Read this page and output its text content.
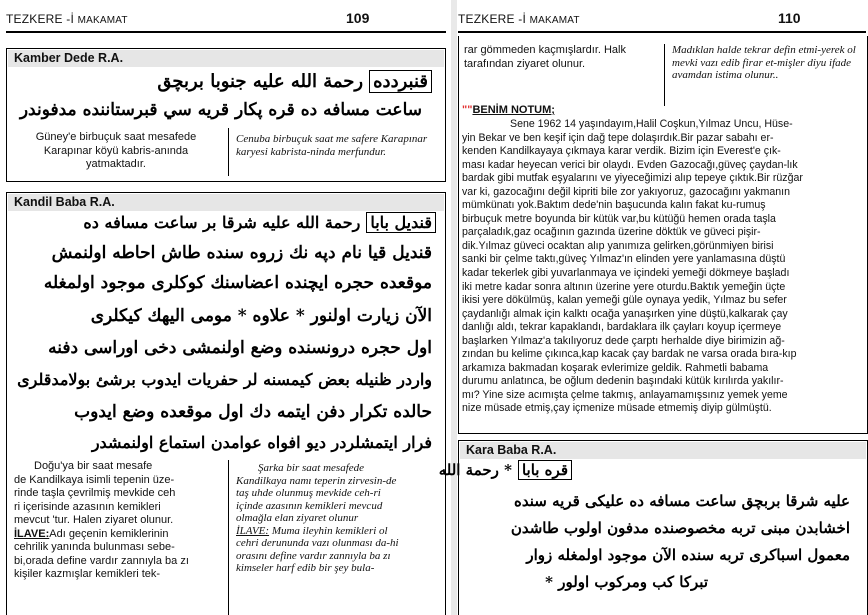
TEZKERE -İ MAKAMAT	109
Kamber Dede R.A.
قنبرددهرحمة الله عليه جنوبا بربچق
ساعت مسافه ده قره پكار قريه سي قبرستاننده مدفوندر
Güney'e birbuçuk saat mesafede Karapınar köyü kabris-anında yatmaktadır.
Cenuba birbuçuk saat me safere Karapınar karyesi kabrista-ninda merfundur.
Kandil Baba R.A.
قنديل بابارحمة الله عليه شرقا بر ساعت مسافه ده
قنديل قيا نام دپه نك زروه سنده طاش احاطه اولنمش
موقعده حجره ايچنده اعضاسنك كوكلرى موجود اولمغله
الآن زيارت اولنور * علاوه * مومى اليهك كيكلرى
اول حجره درونسنده وضع اولنمشى دخى اوراسى دفنه
واردر ظنيله بعض كيمسنه لر حفريات ايدوب برشئ بولامدقلرى
حالده تكرار دفن ايتمه دك اول موقعده وضع ايدوب
فرار ايتمشلردر ديو افواه عوامدن استماع اولنمشدر
Doğu'ya bir saat mesafe
de Kandilkaya isimli tepenin üze-
rinde taşla çevrilmiş mevkide ceh
ri içerisinde azasının kemikleri
mevcut 'tur. Halen ziyaret olunur.
İLAVE:Adı geçenin kemiklerinin
cehrilik yanında bulunması sebe-
bi,orada define vardır zannıyla ba zı
kişiler kazmışlar kemikleri tek-
Şarka bir saat mesafede
Kandilkaya namı teperin zirvesin-de
taş uhde olunmuş mevkide ceh-ri
içinde azasının kemikleri mevcud
olmağla elan ziyaret olunur
İLAVE: Muma ileyhin kemikleri ol
cehri derununda vazı olunması da-hi
orasını define vardır zannıyla ba zı
kimseler harf edib bir şey bula-
TEZKERE -İ MAKAMAT	110
rar gömmeden kaçmışlardır. Halk tarafından ziyaret olunur.
Madıklan halde tekrar defin etmi-yerek ol mevki vazı edib firar et-mişler diyu ifade avamdan istima olunur..
""BENİM NOTUM;
Sene 1962 14 yaşındayım,Halil Coşkun,Yılmaz Uncu, Hüse-
yin Bekar ve ben keşif için dağ tepe dolaşırdık.Bir pazar sabahı er-
kenden Kandilkayaya çıkmaya karar verdik. Bizim için Everest'e çık-
ması kadar heyecan verici bir olaydı. Evden Gazocağı,güveç çaydan-lık
bardak gibi mutfak eşyalarını ve yiyeceğimizi alıp tepeye çıktık.Bir rüzğar
var ki, gazocağını değil kipriti bile zor yakıyoruz, gazocağını yakmanın
mümkünatı yok.Baktım dede'nin başucunda kalın fakat ku-rumuş
birbuçuk metre boyunda bir kütük var,bu kütüğü hemen orada taşla
parçaladık,gaz ocağının gazında üzerine döktük ve güveci pişir-
dik.Yılmaz güveci ocaktan alıp yanımıza gelirken,görünmiyen birisi
sanki bir çelme taktı,güveç Yılmaz'ın elinden yere yanlamasına düştü
kadar tekerlek gibi yuvarlanmaya ve içindeki yemeği dökmeye başladı
iki metre kadar sonra altının üzerine yere oturdu.Baktık yemeğin üçte
ikisi yere dökülmüş, kalan yemeği güle oynaya yedik, Yılmaz bu sefer
çaydanlığı almak için kalktı ocağa yanaşırken yine düştü,kalkarak çay
danlığı aldı, tekrar kapaklandı, bardaklara ilk çayları koyup içermeye
başlarken Yılmaz'a takılıyoruz dede çarptı herhalde diye birimizin ağ-
zından bu kelime çıkınca,kap kacak çay bardak ne varsa orada bıra-kıp
arkamıza bakmadan koşarak evlerimize geldik. Rahmetli babama
durumu anlatınca, be oğlum dedenin başındaki kütük kırılırda yakılır-
mı? Yine size acımışta çelme takmış, anlayamamışsınız yemek yeme
nize müsade etmiş,çay içmenize müsade etmemiş diyip gülmüştü.
Kara Baba R.A.
قره بابا* رحمة الله
عليه شرقا بربچق ساعت مسافه ده عليكى قريه سنده
اخشابدن مبنى تربه مخصوصنده مدفون اولوب طاشدن
معمول اسباكرى تربه سنده الآن موجود اولمغله زوار
تبركا كب ومركوب اولور *
